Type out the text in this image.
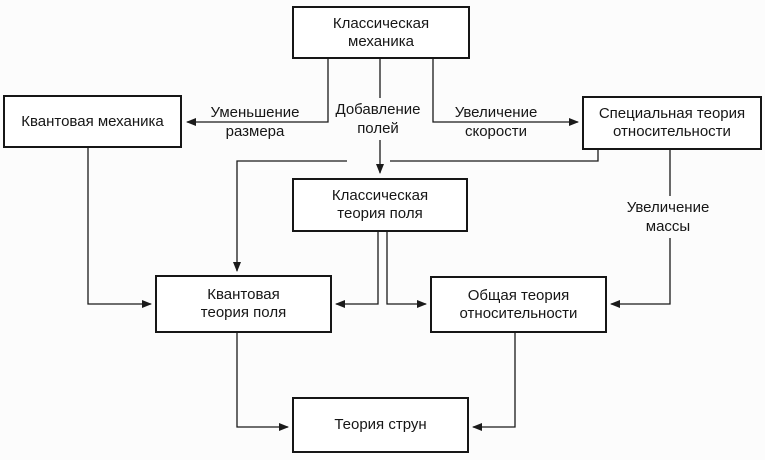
Классическая
механика
Квантовая механика	Специальная теория
относительности
Классическая
теория поля
Квантовая
теория поля
Общая теория
относительности
Теория струн
Уменьшение
размера
Добавление
полей
Увеличение
скорости
Увеличение
массы
